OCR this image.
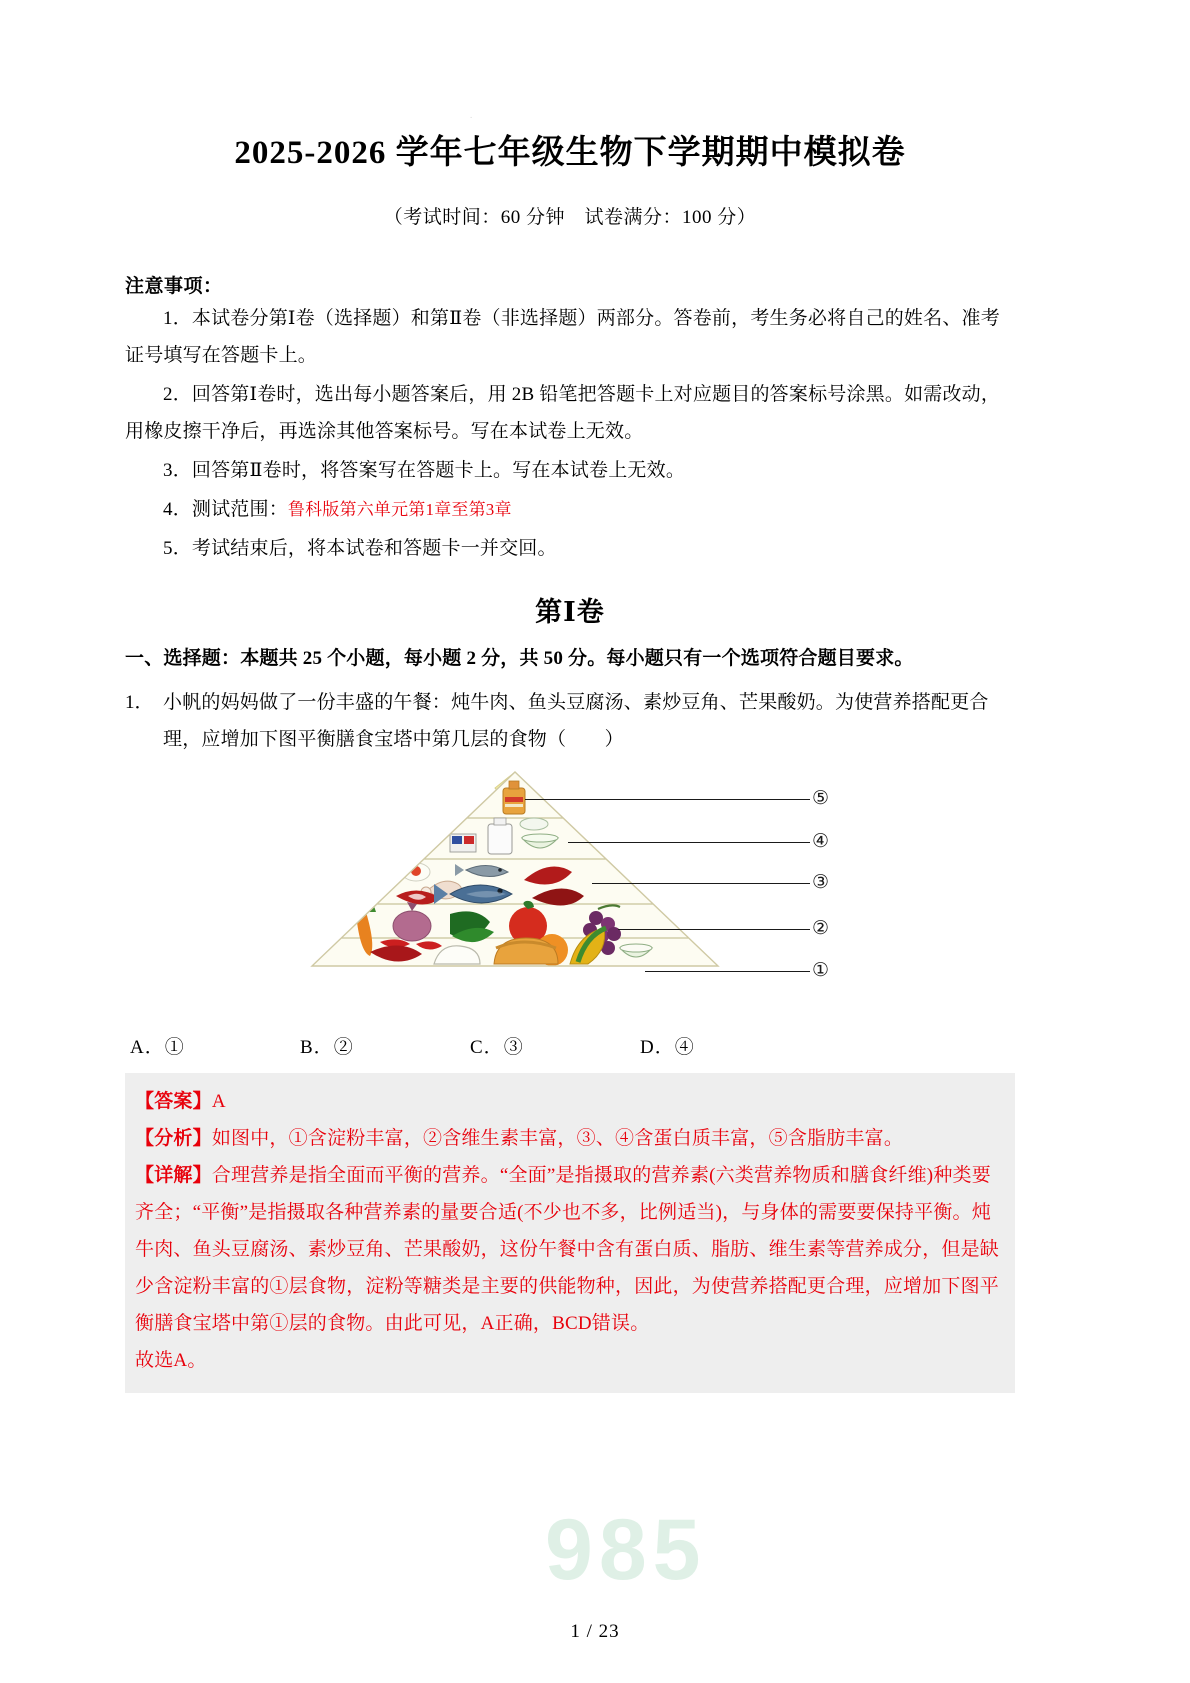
.
2025-2026 学年七年级生物下学期期中模拟卷
（考试时间：60 分钟　试卷满分：100 分）
注意事项：
1．本试卷分第Ⅰ卷（选择题）和第Ⅱ卷（非选择题）两部分。答卷前，考生务必将自己的姓名、准考证号填写在答题卡上。
2．回答第Ⅰ卷时，选出每小题答案后，用 2B 铅笔把答题卡上对应题目的答案标号涂黑。如需改动，用橡皮擦干净后，再选涂其他答案标号。写在本试卷上无效。
3．回答第Ⅱ卷时，将答案写在答题卡上。写在本试卷上无效。
4．测试范围：鲁科版第六单元第1章至第3章
5．考试结束后，将本试卷和答题卡一并交回。
第Ⅰ卷
一、选择题：本题共 25 个小题，每小题 2 分，共 50 分。每小题只有一个选项符合题目要求。
1． 小帆的妈妈做了一份丰盛的午餐：炖牛肉、鱼头豆腐汤、素炒豆角、芒果酸奶。为使营养搭配更合理，应增加下图平衡膳食宝塔中第几层的食物（　　）
985
⑤
④
③
②
①
A．①	B．②	C．③	D．④

【答案】A

【分析】如图中，①含淀粉丰富，②含维生素丰富，③、④含蛋白质丰富，⑤含脂肪丰富。

【详解】合理营养是指全面而平衡的营养。“全面”是指摄取的营养素(六类营养物质和膳食纤维)种类要齐全；“平衡”是指摄取各种营养素的量要合适(不少也不多，比例适当)，与身体的需要要保持平衡。炖牛肉、鱼头豆腐汤、素炒豆角、芒果酸奶，这份午餐中含有蛋白质、脂肪、维生素等营养成分，但是缺少含淀粉丰富的①层食物，淀粉等糖类是主要的供能物种，因此，为使营养搭配更合理，应增加下图平衡膳食宝塔中第①层的食物。由此可见，A正确，BCD错误。

故选A。

1 / 23
